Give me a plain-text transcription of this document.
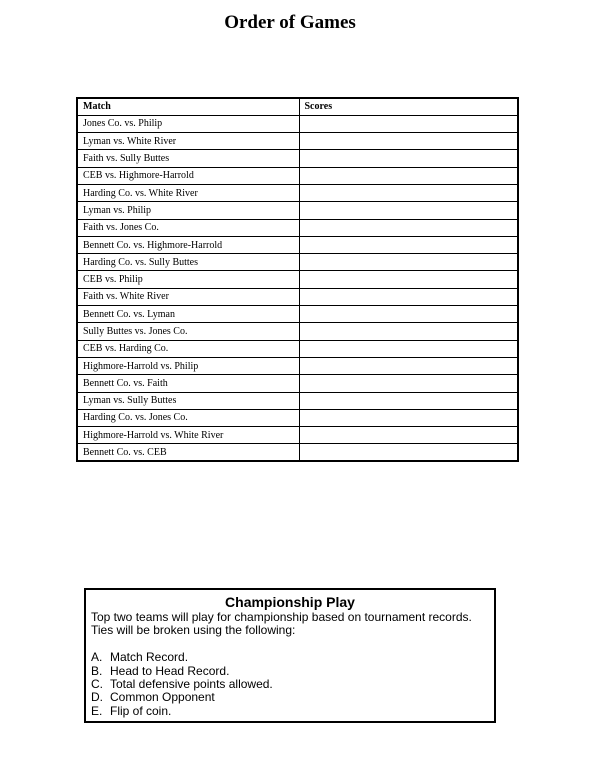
Order of Games
Match	Scores
Jones Co. vs. Philip	
Lyman vs. White River	
Faith vs. Sully Buttes	
CEB vs. Highmore-Harrold	
Harding Co. vs. White River	
Lyman vs. Philip	
Faith vs. Jones Co.	
Bennett Co. vs. Highmore-Harrold	
Harding Co. vs. Sully Buttes	
CEB vs. Philip	
Faith vs. White River	
Bennett Co. vs. Lyman	
Sully Buttes vs. Jones Co.	
CEB vs. Harding Co.	
Highmore-Harrold vs. Philip	
Bennett Co. vs. Faith	
Lyman vs. Sully Buttes	
Harding Co. vs. Jones Co.	
Highmore-Harrold vs. White River	
Bennett Co. vs. CEB	
Championship Play

Top two teams will play for championship based on tournament records.

Ties will be broken using the following:

A. Match Record.
B. Head to Head Record.
C. Total defensive points allowed.
D. Common Opponent
E. Flip of coin.
